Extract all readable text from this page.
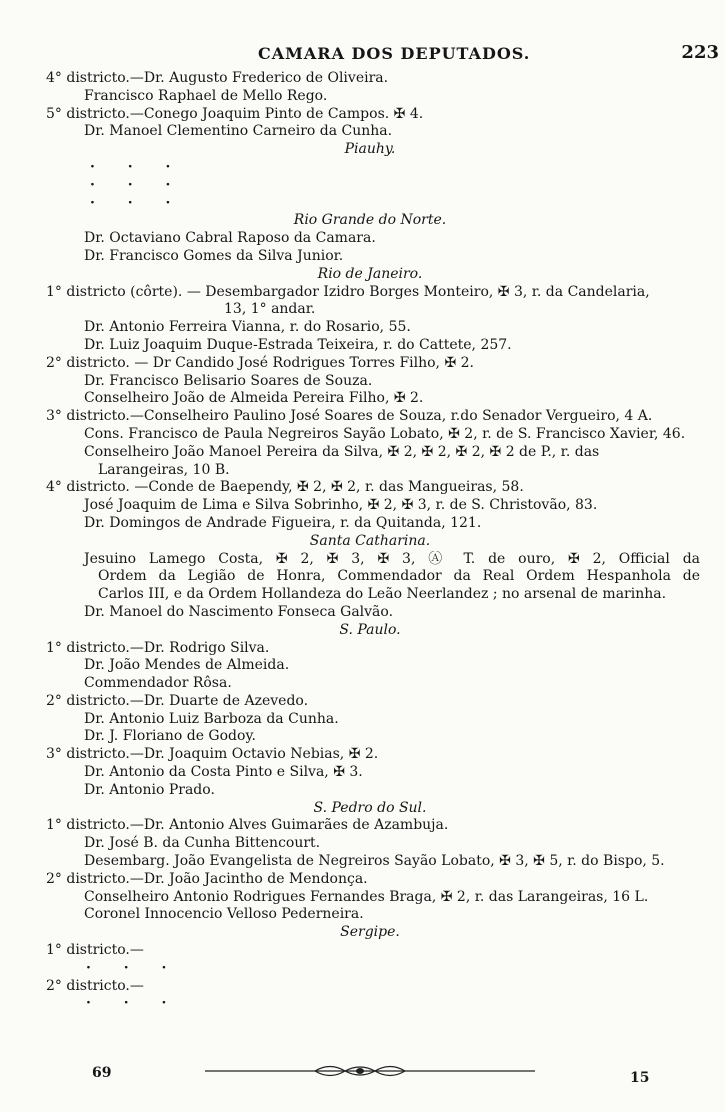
CAMARA DOS DEPUTADOS.	223
4° districto.—Dr. Augusto Frederico de Oliveira.
Francisco Raphael de Mello Rego.
5° districto.—Conego Joaquim Pinto de Campos. ✠ 4.
Dr. Manoel Clementino Carneiro da Cunha.
Piauhy.
· · ·
· · ·
· · ·
Rio Grande do Norte.
Dr. Octaviano Cabral Raposo da Camara.
Dr. Francisco Gomes da Silva Junior.
Rio de Janeiro.
1° districto (côrte). — Desembargador Izidro Borges Monteiro, ✠ 3, r. da Candelaria,
13, 1° andar.
Dr. Antonio Ferreira Vianna, r. do Rosario, 55.
Dr. Luiz Joaquim Duque-Estrada Teixeira, r. do Cattete, 257.
2° districto. — Dr Candido José Rodrigues Torres Filho, ✠ 2.
Dr. Francisco Belisario Soares de Souza.
Conselheiro João de Almeida Pereira Filho, ✠ 2.
3° districto.—Conselheiro Paulino José Soares de Souza, r.do Senador Vergueiro, 4 A.
Cons. Francisco de Paula Negreiros Sayão Lobato, ✠ 2, r. de S. Francisco Xavier, 46.
Conselheiro João Manoel Pereira da Silva, ✠ 2, ✠ 2, ✠ 2, ✠ 2 de P., r. das
Larangeiras, 10 B.
4° districto. —Conde de Baependy, ✠ 2, ✠ 2, r. das Mangueiras, 58.
José Joaquim de Lima e Silva Sobrinho, ✠ 2, ✠ 3, r. de S. Christovão, 83.
Dr. Domingos de Andrade Figueira, r. da Quitanda, 121.
Santa Catharina.
Jesuino Lamego Costa, ✠ 2, ✠ 3, ✠ 3, Ⓐ T. de ouro, ✠ 2, Official da
Ordem da Legião de Honra, Commendador da Real Ordem Hespanhola de
Carlos III, e da Ordem Hollandeza do Leão Neerlandez ; no arsenal de marinha.
Dr. Manoel do Nascimento Fonseca Galvão.
S. Paulo.
1° districto.—Dr. Rodrigo Silva.
Dr. João Mendes de Almeida.
Commendador Rôsa.
2° districto.—Dr. Duarte de Azevedo.
Dr. Antonio Luiz Barboza da Cunha.
Dr. J. Floriano de Godoy.
3° districto.—Dr. Joaquim Octavio Nebias, ✠ 2.
Dr. Antonio da Costa Pinto e Silva, ✠ 3.
Dr. Antonio Prado.
S. Pedro do Sul.
1° districto.—Dr. Antonio Alves Guimarães de Azambuja.
Dr. José B. da Cunha Bittencourt.
Desembarg. João Evangelista de Negreiros Sayão Lobato, ✠ 3, ✠ 5, r. do Bispo, 5.
2° districto.—Dr. João Jacintho de Mendonça.
Conselheiro Antonio Rodrigues Fernandes Braga, ✠ 2, r. das Larangeiras, 16 L.
Coronel Innocencio Velloso Pederneira.
Sergipe.
1° districto.—
· · ·
2° districto.—
· · ·
69	15
